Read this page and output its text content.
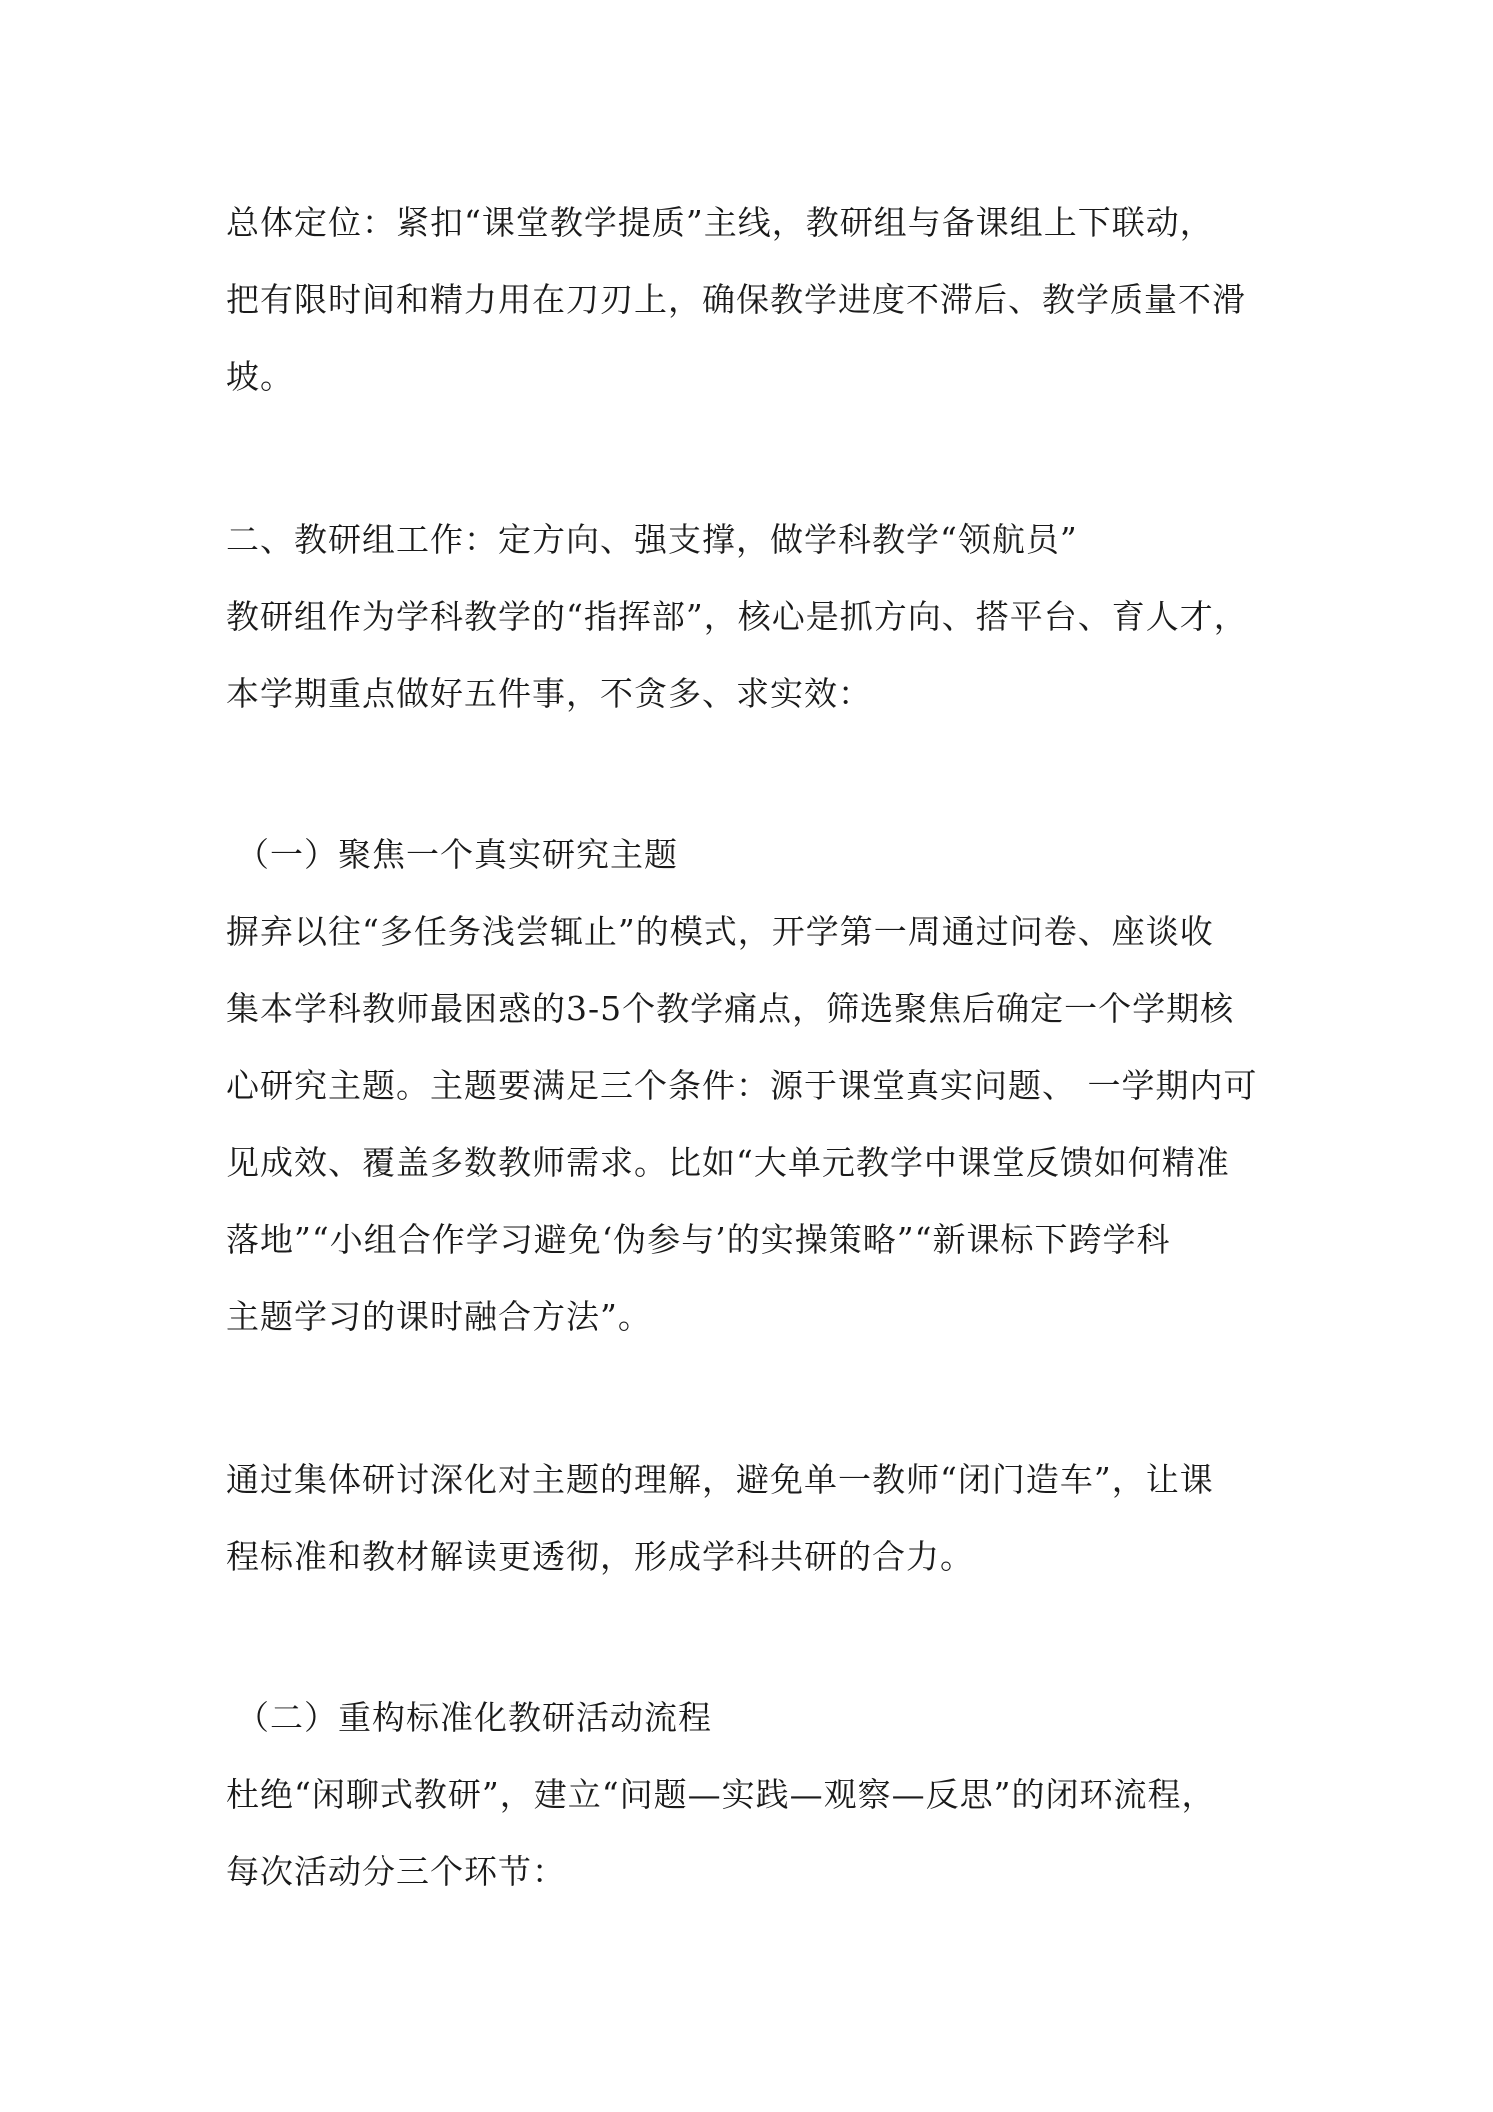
总体定位：紧扣“课堂教学提质”主线，教研组与备课组上下联动，
把有限时间和精力用在刀刃上，确保教学进度不滞后、教学质量不滑
坡。
二、教研组工作：定方向、强支撑，做学科教学“领航员”
教研组作为学科教学的“指挥部”，核心是抓方向、搭平台、育人才，
本学期重点做好五件事，不贪多、求实效：
（一）聚焦一个真实研究主题
摒弃以往“多任务浅尝辄止”的模式，开学第一周通过问卷、座谈收
集本学科教师最困惑的3-5个教学痛点，筛选聚焦后确定一个学期核
心研究主题。主题要满足三个条件：源于课堂真实问题、 一学期内可
见成效、覆盖多数教师需求。比如“大单元教学中课堂反馈如何精准
落地”“小组合作学习避免‘伪参与’的实操策略”“新课标下跨学科
主题学习的课时融合方法”。
通过集体研讨深化对主题的理解，避免单一教师“闭门造车”，让课
程标准和教材解读更透彻，形成学科共研的合力。
（二）重构标准化教研活动流程
杜绝“闲聊式教研”，建立“问题—实践—观察—反思”的闭环流程，
每次活动分三个环节：
